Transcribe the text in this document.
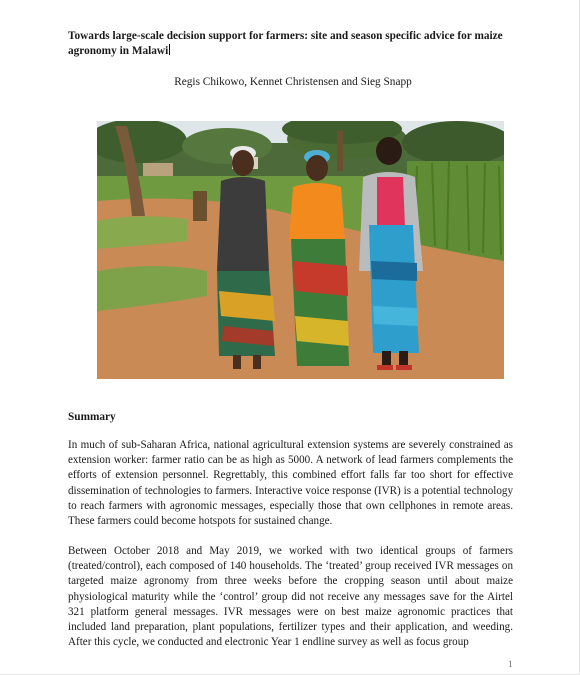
Towards large-scale decision support for farmers: site and season specific advice for maize agronomy in Malawi
Regis Chikowo, Kennet Christensen and Sieg Snapp
Summary

In much of sub-Saharan Africa, national agricultural extension systems are severely constrained as extension worker: farmer ratio can be as high as 5000. A network of lead farmers complements the efforts of extension personnel. Regrettably, this combined effort falls far too short for effective dissemination of technologies to farmers. Interactive voice response (IVR) is a potential technology to reach farmers with agronomic messages, especially those that own cellphones in remote areas. These farmers could become hotspots for sustained change.

Between October 2018 and May 2019, we worked with two identical groups of farmers (treated/control), each composed of 140 households. The ‘treated’ group received IVR messages on targeted maize agronomy from three weeks before the cropping season until about maize physiological maturity while the ‘control’ group did not receive any messages save for the Airtel 321 platform general messages. IVR messages were on best maize agronomic practices that included land preparation, plant populations, fertilizer types and their application, and weeding. After this cycle, we conducted and electronic Year 1 endline survey as well as focus group

1
